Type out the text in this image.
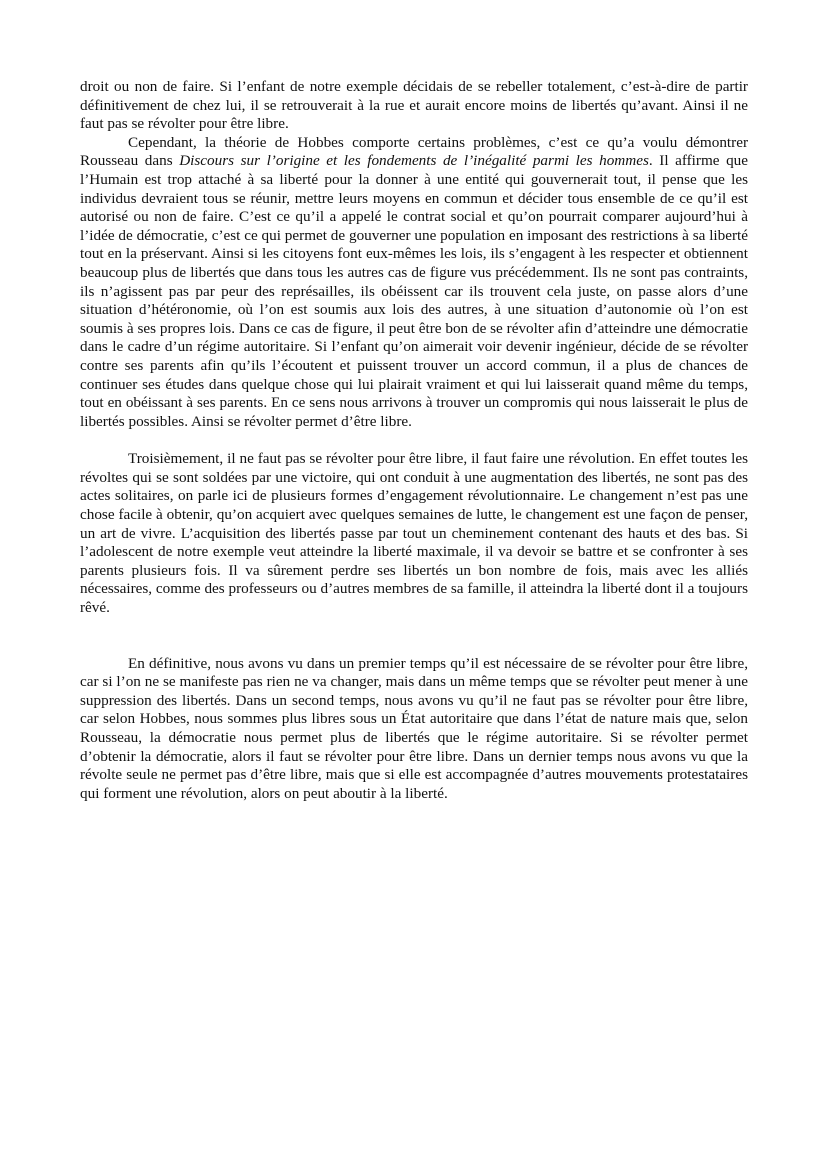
droit ou non de faire. Si l’enfant de notre exemple décidais de se rebeller totalement, c’est-à-dire de partir définitivement de chez lui, il se retrouverait à la rue et aurait encore moins de libertés qu’avant. Ainsi il ne faut pas se révolter pour être libre.

Cependant, la théorie de Hobbes comporte certains problèmes, c’est ce qu’a voulu démontrer Rousseau dans Discours sur l’origine et les fondements de l’inégalité parmi les hommes. Il affirme que l’Humain est trop attaché à sa liberté pour la donner à une entité qui gouvernerait tout, il pense que les individus devraient tous se réunir, mettre leurs moyens en commun et décider tous ensemble de ce qu’il est autorisé ou non de faire. C’est ce qu’il a appelé le contrat social et qu’on pourrait comparer aujourd’hui à l’idée de démocratie, c’est ce qui permet de gouverner une population en imposant des restrictions à sa liberté tout en la préservant. Ainsi si les citoyens font eux-mêmes les lois, ils s’engagent à les respecter et obtiennent beaucoup plus de libertés que dans tous les autres cas de figure vus précédemment. Ils ne sont pas contraints, ils n’agissent pas par peur des représailles, ils obéissent car ils trouvent cela juste, on passe alors d’une situation d’hétéronomie, où l’on est soumis aux lois des autres, à une situation d’autonomie où l’on est soumis à ses propres lois. Dans ce cas de figure, il peut être bon de se révolter afin d’atteindre une démocratie dans le cadre d’un régime autoritaire. Si l’enfant qu’on aimerait voir devenir ingénieur, décide de se révolter contre ses parents afin qu’ils l’écoutent et puissent trouver un accord commun, il a plus de chances de continuer ses études dans quelque chose qui lui plairait vraiment et qui lui laisserait quand même du temps, tout en obéissant à ses parents. En ce sens nous arrivons à trouver un compromis qui nous laisserait le plus de libertés possibles. Ainsi se révolter permet d’être libre.

Troisièmement, il ne faut pas se révolter pour être libre, il faut faire une révolution. En effet toutes les révoltes qui se sont soldées par une victoire, qui ont conduit à une augmentation des libertés, ne sont pas des actes solitaires, on parle ici de plusieurs formes d’engagement révolutionnaire. Le changement n’est pas une chose facile à obtenir, qu’on acquiert avec quelques semaines de lutte, le changement est une façon de penser, un art de vivre. L’acquisition des libertés passe par tout un cheminement contenant des hauts et des bas. Si l’adolescent de notre exemple veut atteindre la liberté maximale, il va devoir se battre et se confronter à ses parents plusieurs fois. Il va sûrement perdre ses libertés un bon nombre de fois, mais avec les alliés nécessaires, comme des professeurs ou d’autres membres de sa famille, il atteindra la liberté dont il a toujours rêvé.

En définitive, nous avons vu dans un premier temps qu’il est nécessaire de se révolter pour être libre, car si l’on ne se manifeste pas rien ne va changer, mais dans un même temps que se révolter peut mener à une suppression des libertés. Dans un second temps, nous avons vu qu’il ne faut pas se révolter pour être libre, car selon Hobbes, nous sommes plus libres sous un État autoritaire que dans l’état de nature mais que, selon Rousseau, la démocratie nous permet plus de libertés que le régime autoritaire. Si se révolter permet d’obtenir la démocratie, alors il faut se révolter pour être libre. Dans un dernier temps nous avons vu que la révolte seule ne permet pas d’être libre, mais que si elle est accompagnée d’autres mouvements protestataires qui forment une révolution, alors on peut aboutir à la liberté.
